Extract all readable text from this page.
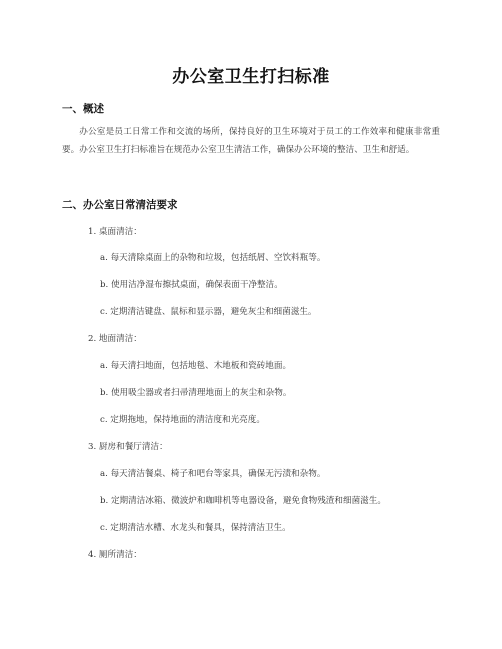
办公室卫生打扫标准
一、概述
办公室是员工日常工作和交流的场所，保持良好的卫生环境对于员工的工作效率和健康非常重要。办公室卫生打扫标准旨在规范办公室卫生清洁工作，确保办公环境的整洁、卫生和舒适。
二、办公室日常清洁要求
1. 桌面清洁：
a. 每天清除桌面上的杂物和垃圾，包括纸屑、空饮料瓶等。
b. 使用洁净湿布擦拭桌面，确保表面干净整洁。
c. 定期清洁键盘、鼠标和显示器，避免灰尘和细菌滋生。
2. 地面清洁：
a. 每天清扫地面，包括地毯、木地板和瓷砖地面。
b. 使用吸尘器或者扫帚清理地面上的灰尘和杂物。
c. 定期拖地，保持地面的清洁度和光亮度。
3. 厨房和餐厅清洁：
a. 每天清洁餐桌、椅子和吧台等家具，确保无污渍和杂物。
b. 定期清洁冰箱、微波炉和咖啡机等电器设备，避免食物残渣和细菌滋生。
c. 定期清洁水槽、水龙头和餐具，保持清洁卫生。
4. 厕所清洁：
